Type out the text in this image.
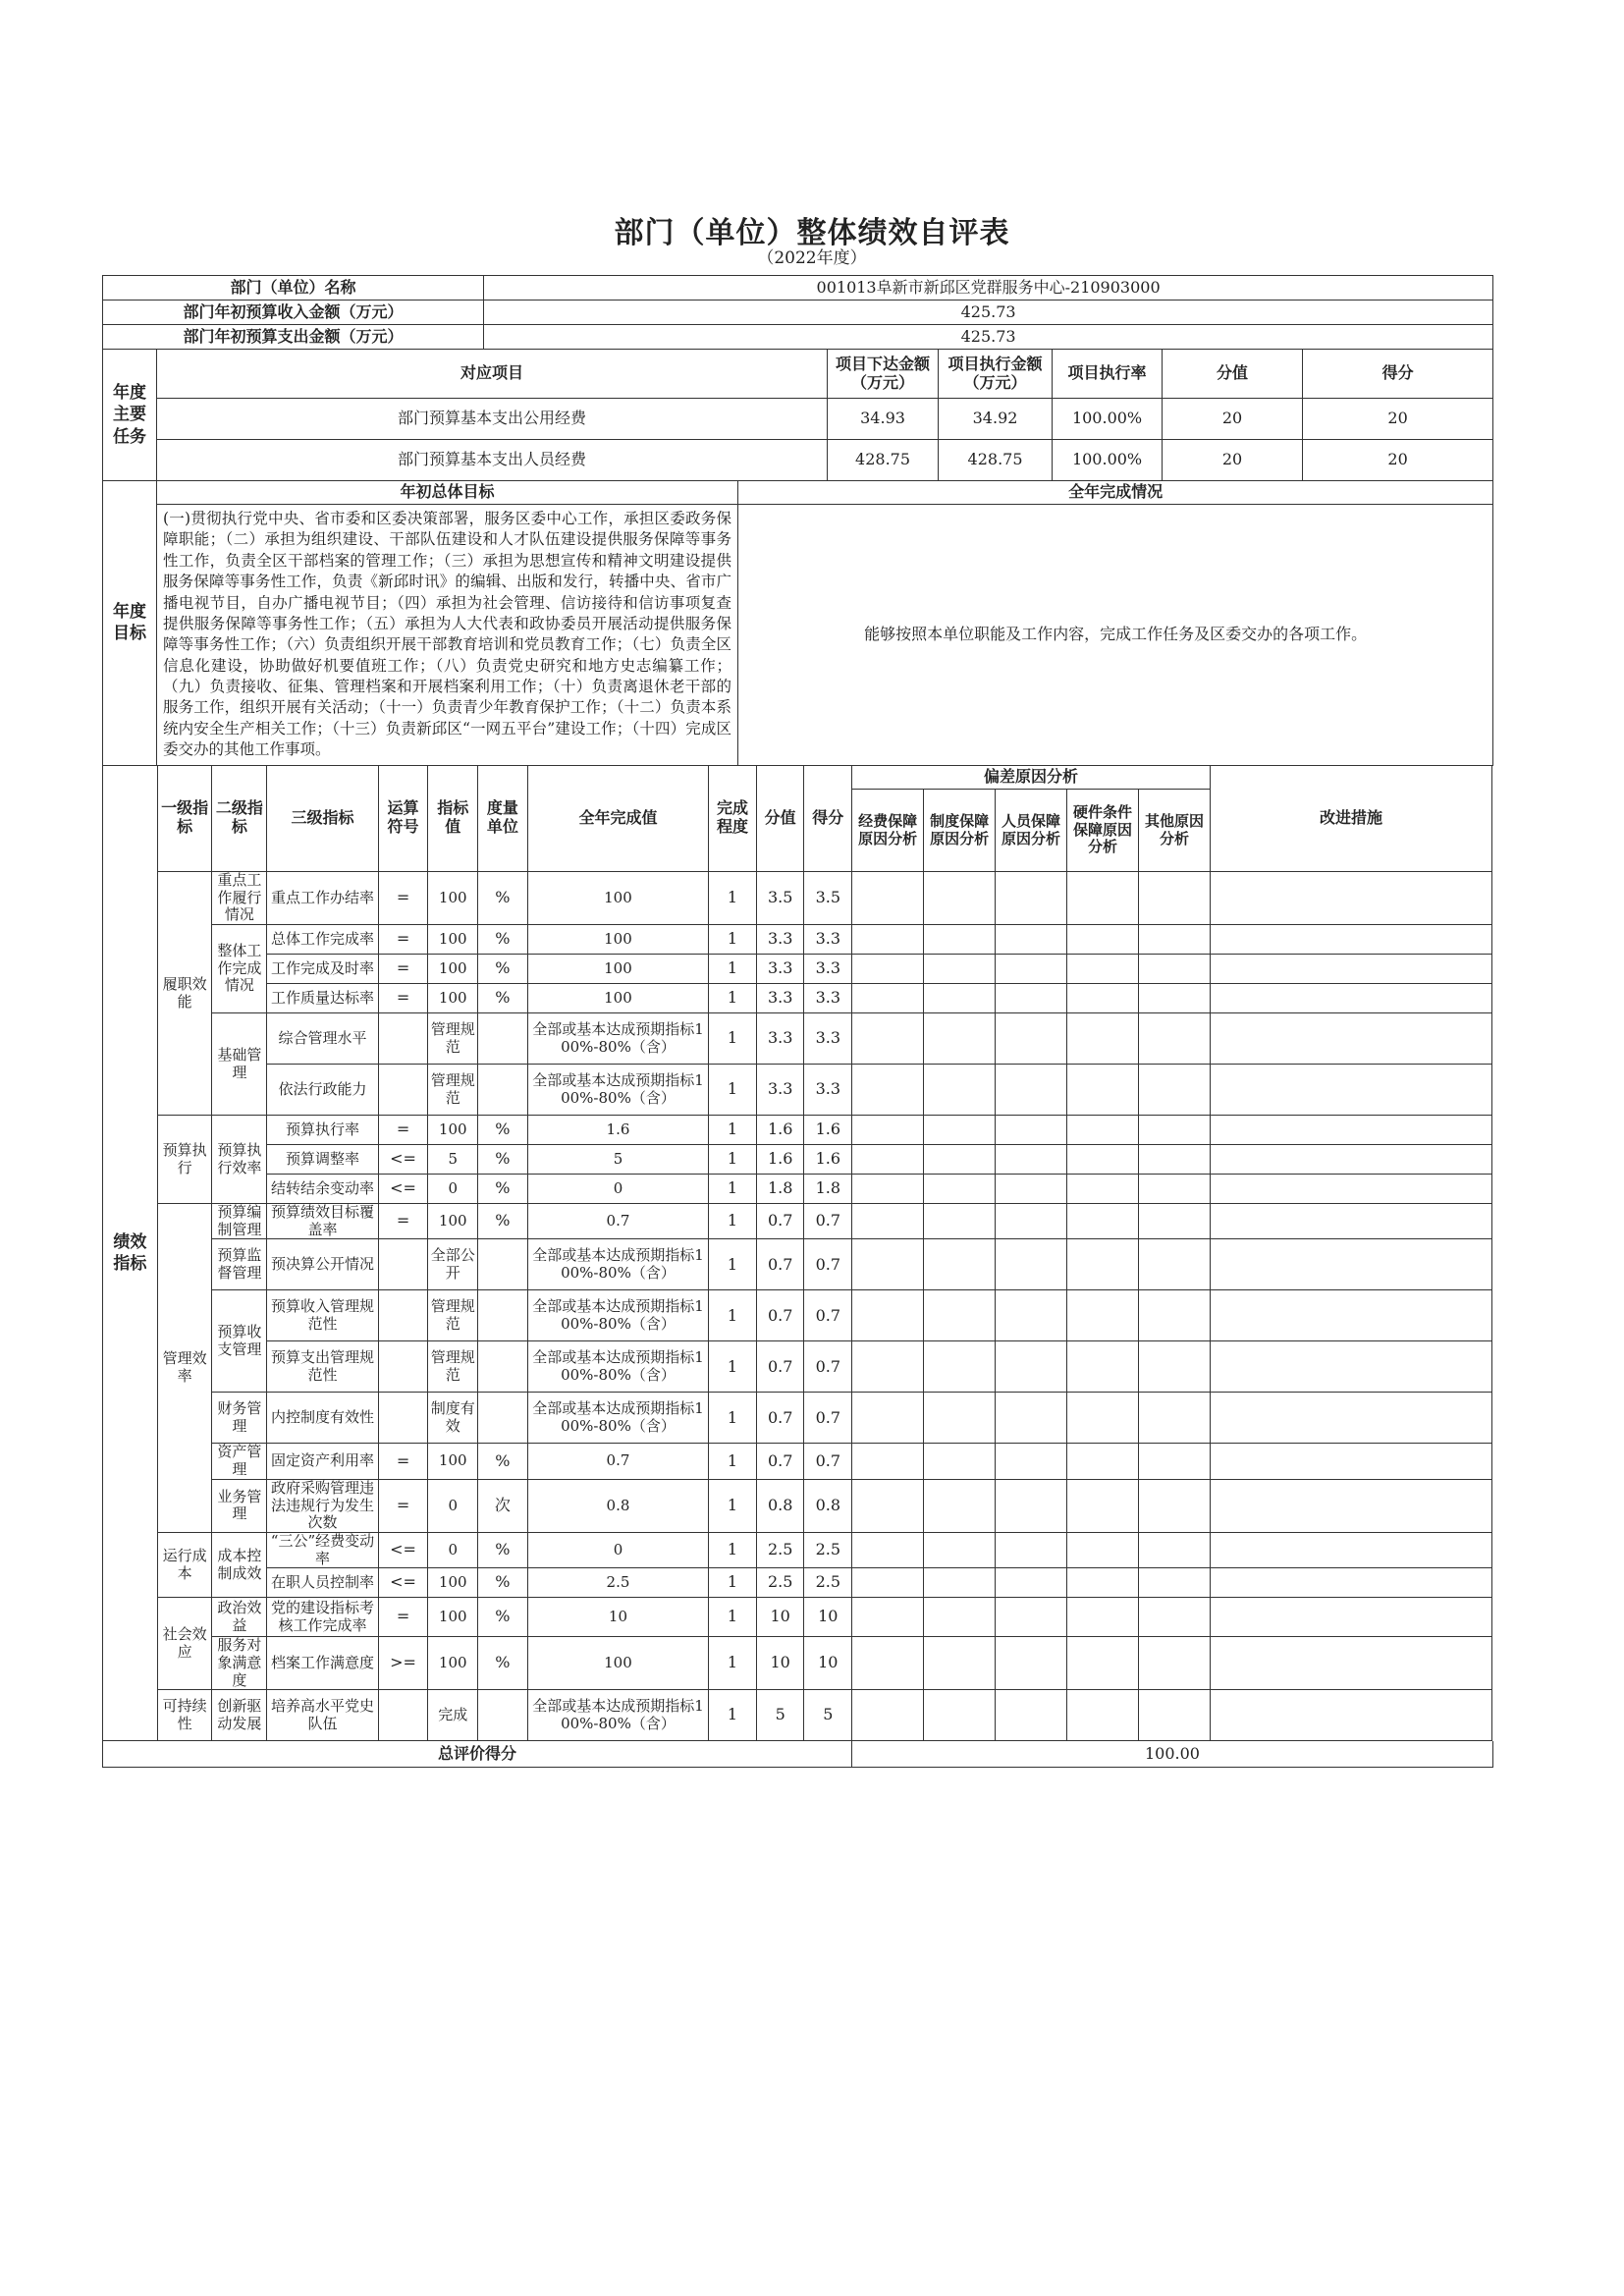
部门（单位）整体绩效自评表
（2022年度）
部门（单位）名称		001013阜新市新邱区党群服务中心-210903000						
部门年初预算收入金额（万元）		425.73						
部门年初预算支出金额（万元）		425.73						
年度主要任务	对应项目			项目下达金额（万元）	项目执行金额（万元）	项目执行率	分值	得分
	部门预算基本支出公用经费			34.93	34.92	100.00%	20	20
	部门预算基本支出人员经费			428.75	428.75	100.00%	20	20
年度目标	年初总体目标		全年完成情况					
	(一)贯彻执行党中央、省市委和区委决策部署，服务区委中心工作，承担区委政务保障职能；（二）承担为组织建设、干部队伍建设和人才队伍建设提供服务保障等事务性工作，负责全区干部档案的管理工作；（三）承担为思想宣传和精神文明建设提供服务保障等事务性工作，负责《新邱时讯》的编辑、出版和发行，转播中央、省市广播电视节目，自办广播电视节目；（四）承担为社会管理、信访接待和信访事项复查提供服务保障等事务性工作；（五）承担为人大代表和政协委员开展活动提供服务保障等事务性工作；（六）负责组织开展干部教育培训和党员教育工作；（七）负责全区信息化建设，协助做好机要值班工作；（八）负责党史研究和地方史志编纂工作；（九）负责接收、征集、管理档案和开展档案利用工作；（十）负责离退休老干部的服务工作，组织开展有关活动；（十一）负责青少年教育保护工作；（十二）负责本系统内安全生产相关工作；（十三）负责新邱区“一网五平台”建设工作；（十四）完成区委交办的其他工作事项。		能够按照本单位职能及工作内容，完成工作任务及区委交办的各项工作。					
绩效指标	一级指标	二级指标	三级指标	运算符号	指标值	度量单位	全年完成值	完成程度	分值	得分	偏差原因分析					改进措施
											经费保障原因分析	制度保障原因分析	人员保障原因分析	硬件条件保障原因分析	其他原因分析	
	履职效能	重点工作履行情况	重点工作办结率	=	100	%	100	1	3.5	3.5						
		整体工作完成情况	总体工作完成率	=	100	%	100	1	3.3	3.3						
			工作完成及时率	=	100	%	100	1	3.3	3.3						
			工作质量达标率	=	100	%	100	1	3.3	3.3						
		基础管理	综合管理水平		管理规范		全部或基本达成预期指标100%-80%（含）	1	3.3	3.3						
			依法行政能力		管理规范		全部或基本达成预期指标100%-80%（含）	1	3.3	3.3						
	预算执行	预算执行效率	预算执行率	=	100	%	1.6	1	1.6	1.6						
			预算调整率	<=	5	%	5	1	1.6	1.6						
			结转结余变动率	<=	0	%	0	1	1.8	1.8						
	管理效率	预算编制管理	预算绩效目标覆盖率	=	100	%	0.7	1	0.7	0.7						
		预算监督管理	预决算公开情况		全部公开		全部或基本达成预期指标100%-80%（含）	1	0.7	0.7						
		预算收支管理	预算收入管理规范性		管理规范		全部或基本达成预期指标100%-80%（含）	1	0.7	0.7						
			预算支出管理规范性		管理规范		全部或基本达成预期指标100%-80%（含）	1	0.7	0.7						
		财务管理	内控制度有效性		制度有效		全部或基本达成预期指标100%-80%（含）	1	0.7	0.7						
		资产管理	固定资产利用率	=	100	%	0.7	1	0.7	0.7						
		业务管理	政府采购管理违法违规行为发生次数	=	0	次	0.8	1	0.8	0.8						
	运行成本	成本控制成效	“三公”经费变动率	<=	0	%	0	1	2.5	2.5						
			在职人员控制率	<=	100	%	2.5	1	2.5	2.5						
	社会效应	政治效益	党的建设指标考核工作完成率	=	100	%	10	1	10	10						
		服务对象满意度	档案工作满意度	>=	100	%	100	1	10	10						
	可持续性	创新驱动发展	培养高水平党史队伍		完成		全部或基本达成预期指标100%-80%（含）	1	5	5						
总评价得分	100.00
